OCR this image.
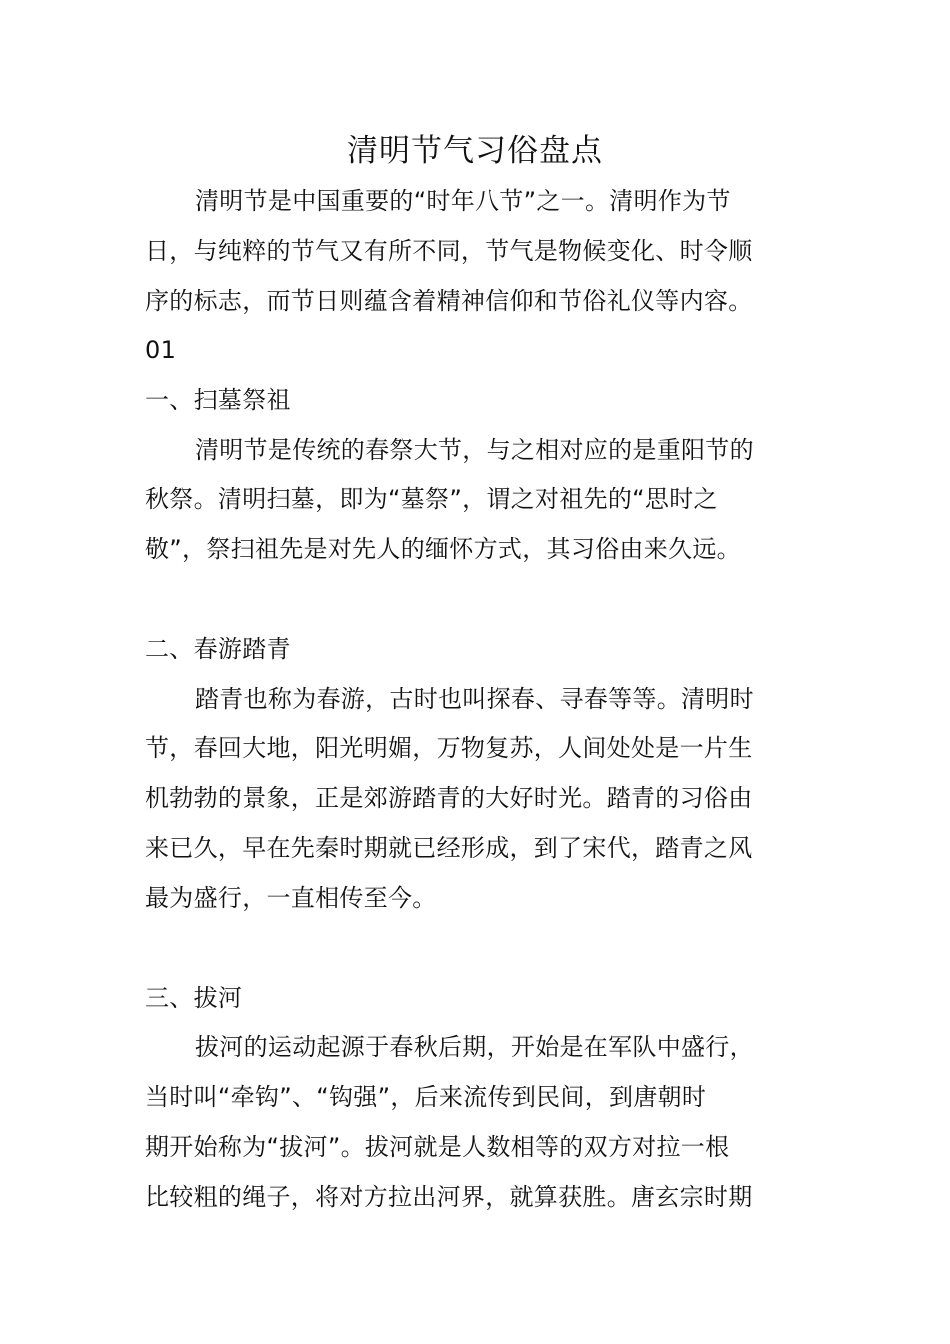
清明节气习俗盘点
清明节是中国重要的“时年八节”之一。清明作为节
日，与纯粹的节气又有所不同，节气是物候变化、时令顺
序的标志，而节日则蕴含着精神信仰和节俗礼仪等内容。
01
一、扫墓祭祖
清明节是传统的春祭大节，与之相对应的是重阳节的
秋祭。清明扫墓，即为“墓祭”，谓之对祖先的“思时之
敬”，祭扫祖先是对先人的缅怀方式，其习俗由来久远。
二、春游踏青
踏青也称为春游，古时也叫探春、寻春等等。清明时
节，春回大地，阳光明媚，万物复苏，人间处处是一片生
机勃勃的景象，正是郊游踏青的大好时光。踏青的习俗由
来已久，早在先秦时期就已经形成，到了宋代，踏青之风
最为盛行，一直相传至今。
三、拔河
拔河的运动起源于春秋后期，开始是在军队中盛行，
当时叫“牵钩”、“钩强”，后来流传到民间，到唐朝时
期开始称为“拔河”。拔河就是人数相等的双方对拉一根
比较粗的绳子，将对方拉出河界，就算获胜。唐玄宗时期
